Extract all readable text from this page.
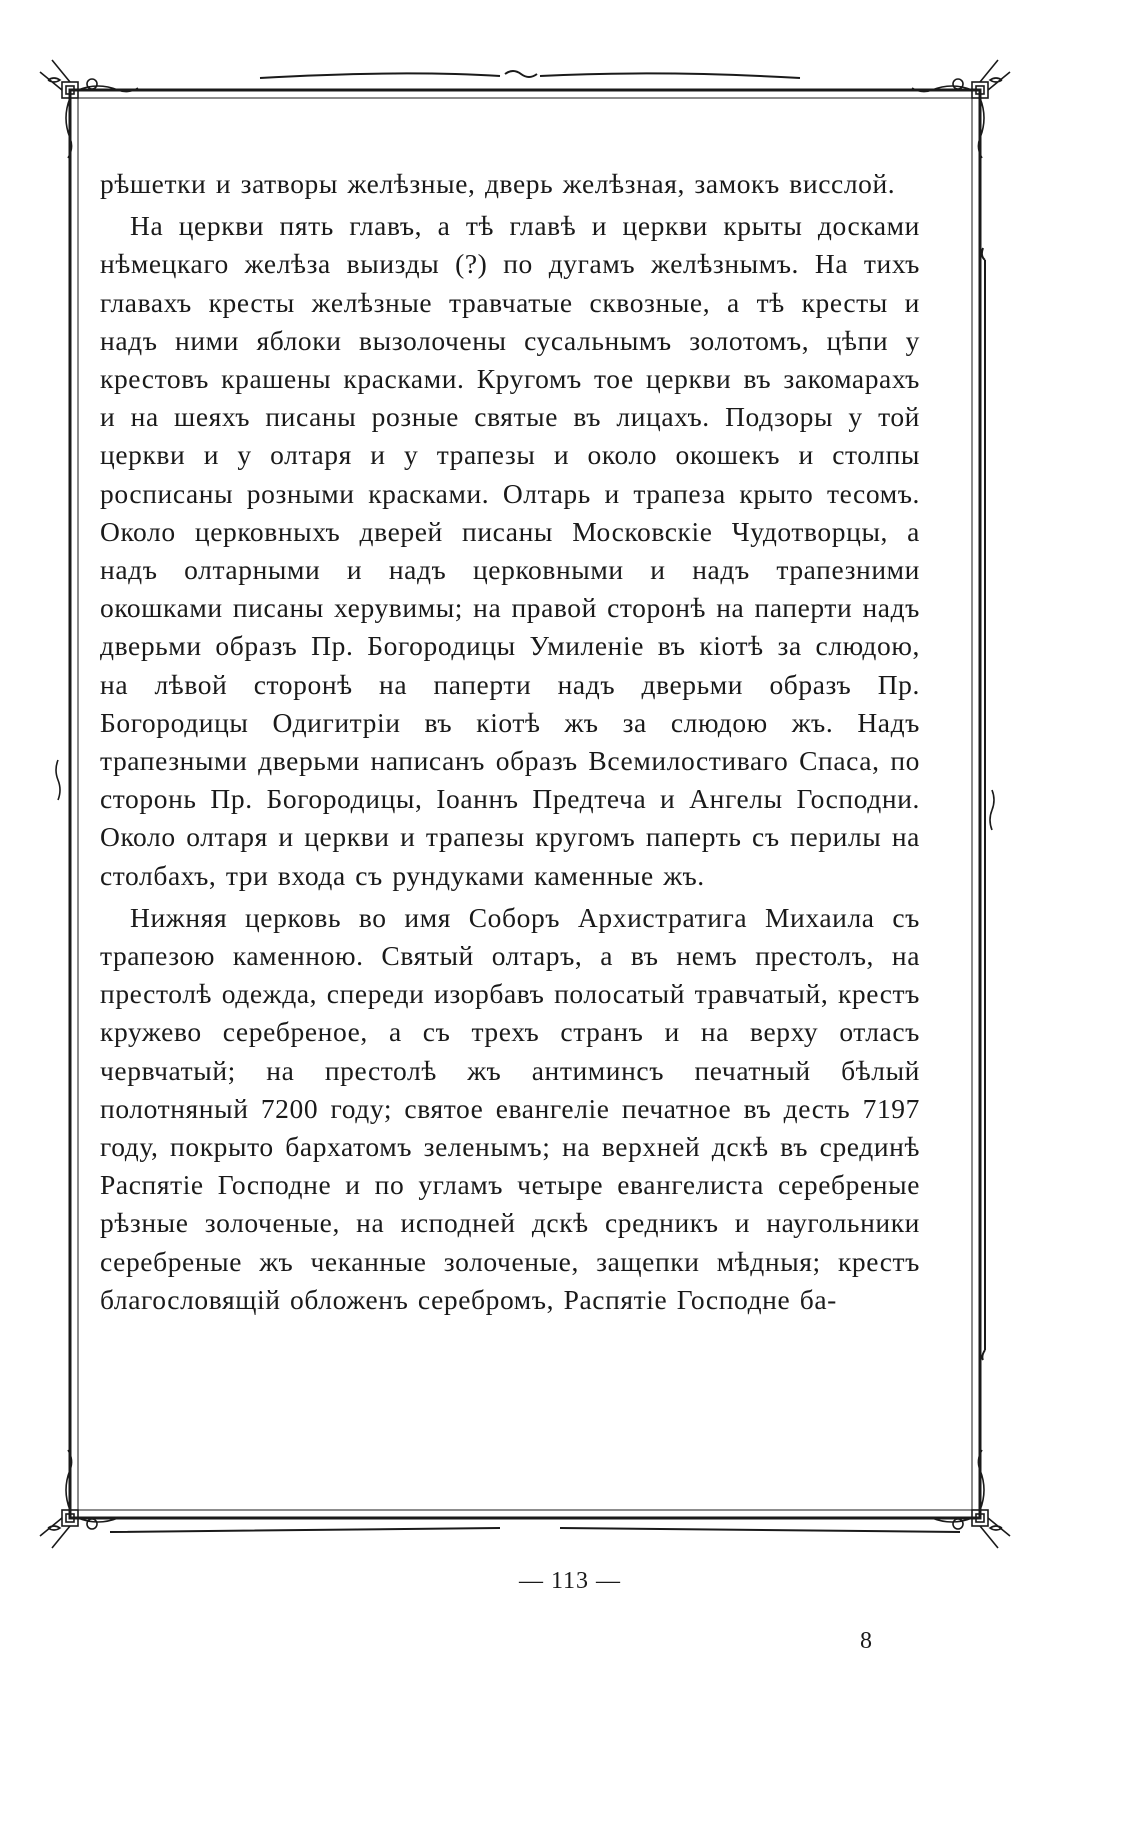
рѣшетки и затворы желѣзные, дверь желѣзная, замокъ висслой.

На церкви пять главъ, а тѣ главѣ и церкви крыты досками нѣмецкаго желѣза выизды (?) по дугамъ желѣзнымъ. На тихъ главахъ кресты желѣзные травчатые сквозные, а тѣ кресты и надъ ними яблоки вызолочены сусальнымъ золотомъ, цѣпи у крестовъ крашены красками. Кругомъ тое церкви въ закомарахъ и на шеяхъ писаны розные святые въ лицахъ. Подзоры у той церкви и у олтаря и у трапезы и около окошекъ и столпы росписаны розными красками. Олтарь и трапеза крыто тесомъ. Около церковныхъ дверей писаны Московскіе Чудотворцы, а надъ олтарными и надъ церковными и надъ трапезними окошками писаны херувимы; на правой сторонѣ на паперти надъ дверьми образъ Пр. Богородицы Умиленіе въ кіотѣ за слюдою, на лѣвой сторонѣ на паперти надъ дверьми образъ Пр. Богородицы Одигитріи въ кіотѣ жъ за слюдою жъ. Надъ трапезными дверьми написанъ образъ Всемилостиваго Спаса, по сторонь Пр. Богородицы, Іоаннъ Предтеча и Ангелы Господни. Около олтаря и церкви и трапезы кругомъ паперть съ перилы на столбахъ, три входа съ рундуками каменные жъ.

Нижняя церковь во имя Соборъ Архистратига Михаила съ трапезою каменною. Святый олтаръ, а въ немъ престолъ, на престолѣ одежда, спереди изорбавъ полосатый травчатый, крестъ кружево серебреное, а съ трехъ странъ и на верху отласъ червчатый; на престолѣ жъ антиминсъ печатный бѣлый полотняный 7200 году; святое евангеліе печатное въ десть 7197 году, покрыто бархатомъ зеленымъ; на верхней дскѣ въ срединѣ Распятіе Господне и по угламъ четыре евангелиста серебреные рѣзные золоченые, на исподней дскѣ средникъ и наугольники серебреные жъ чеканные золоченые, защепки мѣдныя; крестъ благословящій обложенъ серебромъ, Распятіе Господне ба-

— 113 —
8
